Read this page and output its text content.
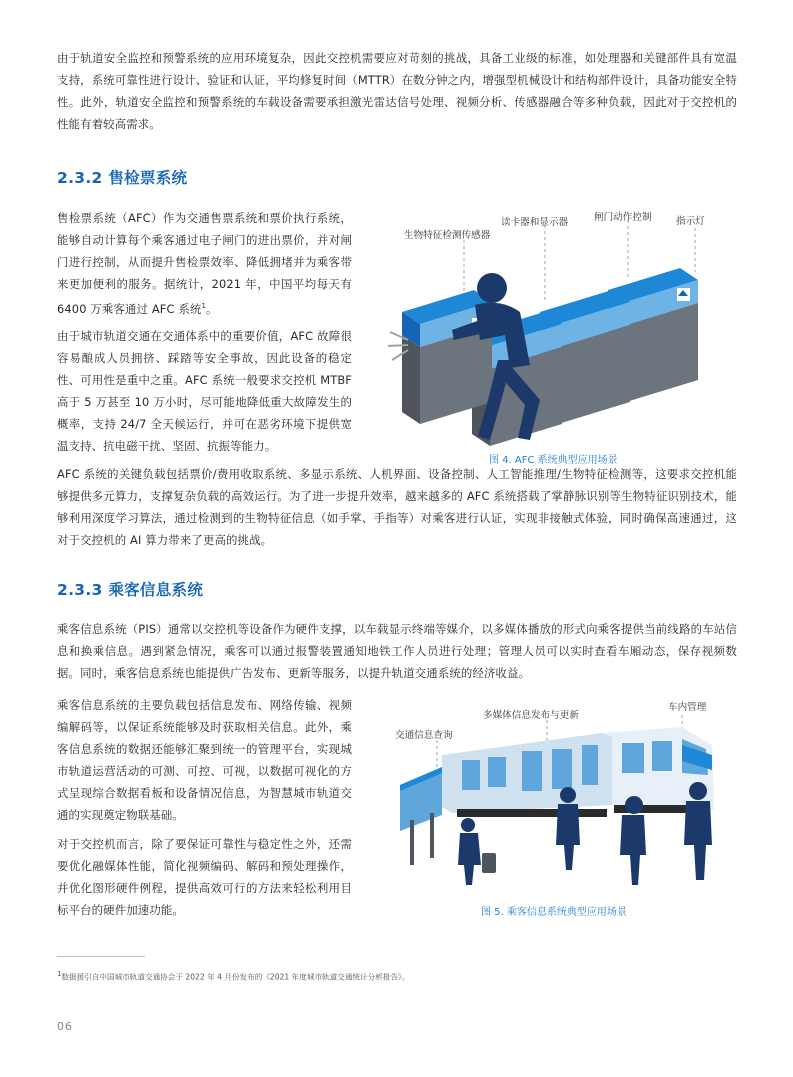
由于轨道安全监控和预警系统的应用环境复杂，因此交控机需要应对苛刻的挑战，具备工业级的标准，如处理器和关键部件具有宽温支持，系统可靠性进行设计、验证和认证，平均修复时间（MTTR）在数分钟之内，增强型机械设计和结构部件设计，具备功能安全特性。此外，轨道安全监控和预警系统的车载设备需要承担激光雷达信号处理、视频分析、传感器融合等多种负载，因此对于交控机的性能有着较高需求。

2.3.2 售检票系统

售检票系统（AFC）作为交通售票系统和票价执行系统，能够自动计算每个乘客通过电子闸门的进出票价，并对闸门进行控制，从而提升售检票效率、降低拥堵并为乘客带来更加便利的服务。据统计，2021 年，中国平均每天有 6400 万乘客通过 AFC 系统$^1$。

由于城市轨道交通在交通体系中的重要价值，AFC 故障很容易酿成人员拥挤、踩踏等安全事故，因此设备的稳定性、可用性是重中之重。AFC 系统一般要求交控机 MTBF 高于 5 万甚至 10 万小时，尽可能地降低重大故障发生的概率，支持 24/7 全天候运行，并可在恶劣环境下提供宽温支持、抗电磁干扰、坚固、抗振等能力。

AFC 系统的关键负载包括票价/费用收取系统、多显示系统、人机界面、设备控制、人工智能推理/生物特征检测等，这要求交控机能够提供多元算力，支撑复杂负载的高效运行。为了进一步提升效率，越来越多的 AFC 系统搭载了掌静脉识别等生物特征识别技术，能够利用深度学习算法，通过检测到的生物特征信息（如手掌、手指等）对乘客进行认证，实现非接触式体验，同时确保高速通过，这对于交控机的 AI 算力带来了更高的挑战。

生物特征检测传感器
读卡器和显示器	闸门动作控制	指示灯
图 4. AFC 系统典型应用场景
2.3.3 乘客信息系统

乘客信息系统（PIS）通常以交控机等设备作为硬件支撑，以车载显示终端等媒介，以多媒体播放的形式向乘客提供当前线路的车站信息和换乘信息。遇到紧急情况，乘客可以通过报警装置通知地铁工作人员进行处理；管理人员可以实时查看车厢动态，保存视频数据。同时，乘客信息系统也能提供广告发布、更新等服务，以提升轨道交通系统的经济收益。

乘客信息系统的主要负载包括信息发布、网络传输、视频编解码等，以保证系统能够及时获取相关信息。此外，乘客信息系统的数据还能够汇聚到统一的管理平台，实现城市轨道运营活动的可测、可控、可视，以数据可视化的方式呈现综合数据看板和设备情况信息，为智慧城市轨道交通的实现奠定物联基础。

对于交控机而言，除了要保证可靠性与稳定性之外，还需要优化融媒体性能，简化视频编码、解码和预处理操作，并优化图形硬件例程，提供高效可行的方法来轻松利用目标平台的硬件加速功能。

交通信息查询
多媒体信息发布与更新
车内管理
图 5. 乘客信息系统典型应用场景
$^1$数据援引自中国城市轨道交通协会于 2022 年 4 月份发布的《2021 年度城市轨道交通统计分析报告》。
06
